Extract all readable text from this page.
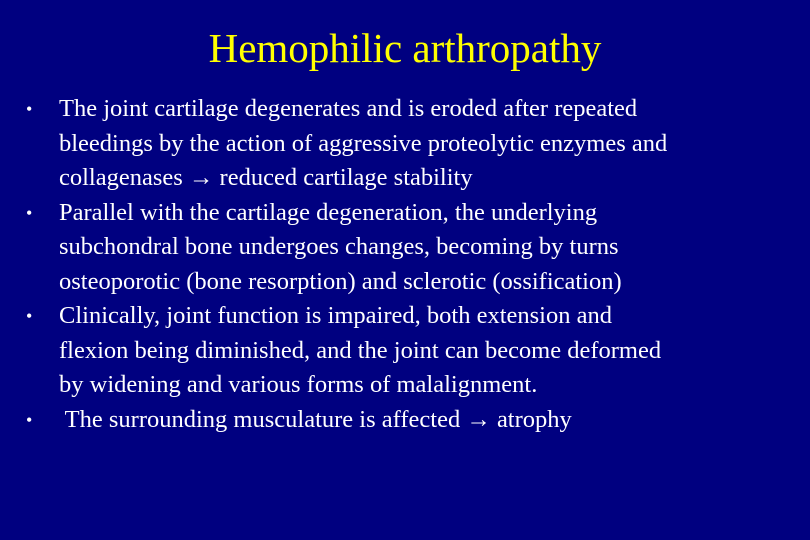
Hemophilic arthropathy
•	The joint cartilage degenerates and is eroded after repeated
bleedings by the action of aggressive proteolytic enzymes and
collagenases → reduced cartilage stability
•	Parallel with the cartilage degeneration, the underlying
subchondral bone undergoes changes, becoming by turns
osteoporotic (bone resorption) and sclerotic (ossification)
•	Clinically, joint function is impaired, both extension and
flexion being diminished, and the joint can become deformed
by widening and various forms of malalignment.
•	The surrounding musculature is affected → atrophy
